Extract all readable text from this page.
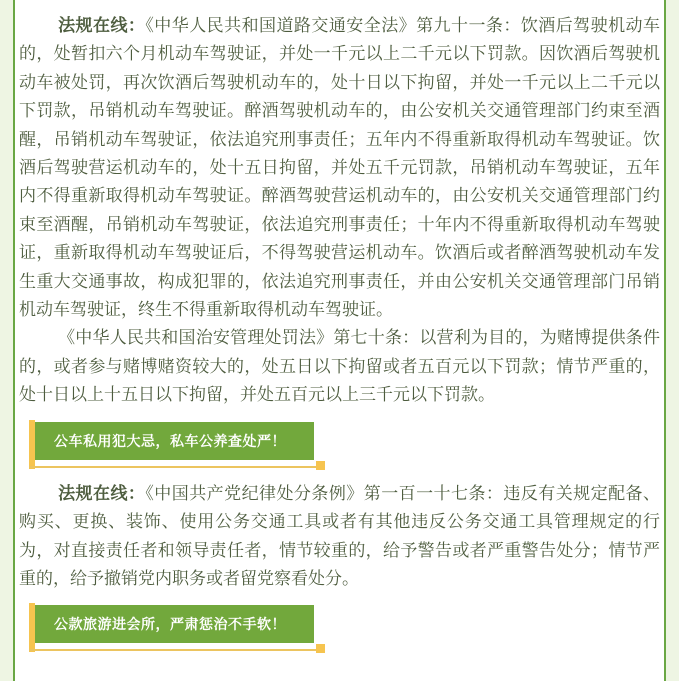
法规在线：《中华人民共和国道路交通安全法》第九十一条：饮酒后驾驶机动车的，处暂扣六个月机动车驾驶证，并处一千元以上二千元以下罚款。因饮酒后驾驶机动车被处罚，再次饮酒后驾驶机动车的，处十日以下拘留，并处一千元以上二千元以下罚款，吊销机动车驾驶证。醉酒驾驶机动车的，由公安机关交通管理部门约束至酒醒，吊销机动车驾驶证，依法追究刑事责任；五年内不得重新取得机动车驾驶证。饮酒后驾驶营运机动车的，处十五日拘留，并处五千元罚款，吊销机动车驾驶证，五年内不得重新取得机动车驾驶证。醉酒驾驶营运机动车的，由公安机关交通管理部门约束至酒醒，吊销机动车驾驶证，依法追究刑事责任；十年内不得重新取得机动车驾驶证，重新取得机动车驾驶证后，不得驾驶营运机动车。饮酒后或者醉酒驾驶机动车发生重大交通事故，构成犯罪的，依法追究刑事责任，并由公安机关交通管理部门吊销机动车驾驶证，终生不得重新取得机动车驾驶证。

《中华人民共和国治安管理处罚法》第七十条：以营利为目的，为赌博提供条件的，或者参与赌博赌资较大的，处五日以下拘留或者五百元以下罚款；情节严重的，处十日以上十五日以下拘留，并处五百元以上三千元以下罚款。

公车私用犯大忌，私车公养查处严！

法规在线：《中国共产党纪律处分条例》第一百一十七条：违反有关规定配备、购买、更换、装饰、使用公务交通工具或者有其他违反公务交通工具管理规定的行为，对直接责任者和领导责任者，情节较重的，给予警告或者严重警告处分；情节严重的，给予撤销党内职务或者留党察看处分。

公款旅游进会所，严肃惩治不手软！
